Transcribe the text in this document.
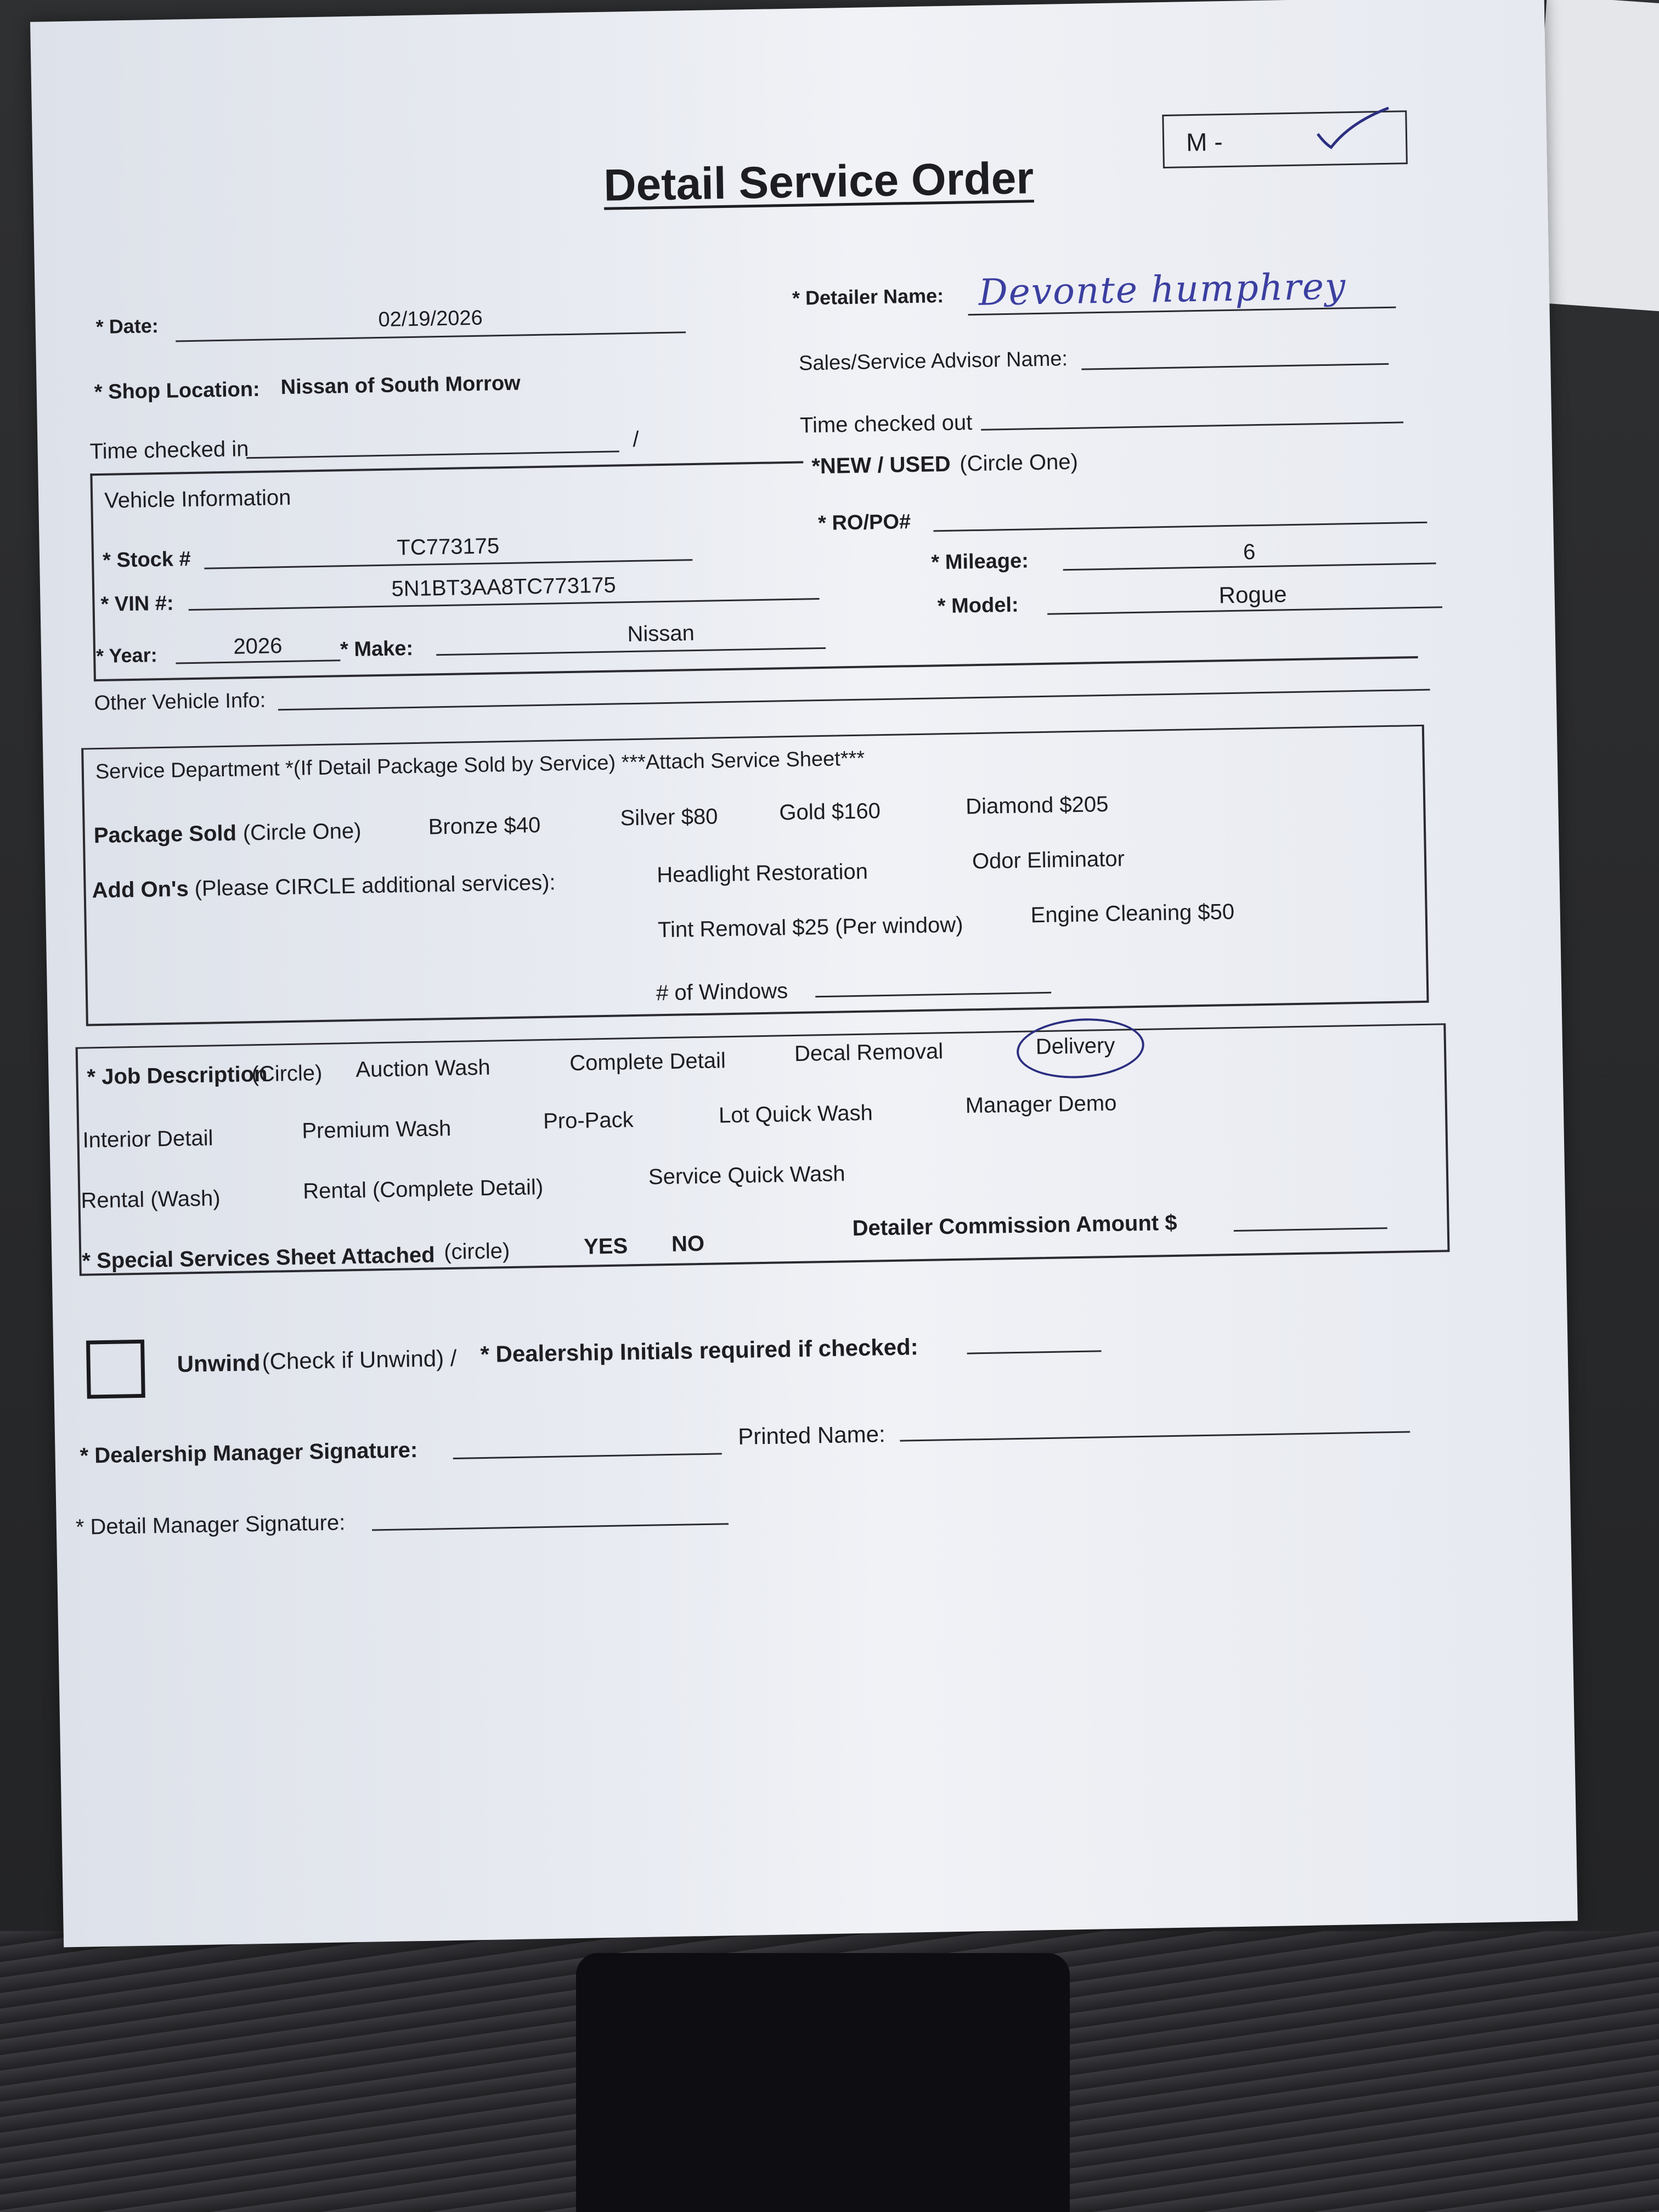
Detail Service Order
M -
* Date:	02/19/2026
* Detailer Name: Devonte humphrey
* Shop Location: Nissan of South Morrow
Sales/Service Advisor Name:
Time checked in	/
Time checked out
Vehicle Information
*NEW / USED (Circle One)
* Stock #	TC773175
* RO/PO#
* Mileage:	6
* VIN #:
5N1BT3AA8TC773175
* Model:	Rogue
* Year:	2026	* Make:
Nissan
Other Vehicle Info:
Service Department *(If Detail Package Sold by Service) ***Attach Service Sheet***
Package Sold (Circle One)	Bronze $40	Silver $80	Gold $160	Diamond $205
Add On's (Please CIRCLE additional services):	Headlight Restoration	Odor Eliminator
Tint Removal $25 (Per window)	Engine Cleaning $50
# of Windows
* Job Description
(Circle) Auction Wash	Complete Detail	Decal Removal	Delivery
Interior Detail	Premium Wash	Pro-Pack	Lot Quick Wash	Manager Demo
Rental (Wash)	Rental (Complete Detail)	Service Quick Wash
* Special Services Sheet Attached (circle)	YES NO
Detailer Commission Amount $
Unwind (Check if Unwind) / * Dealership Initials required if checked:
* Dealership Manager Signature:
Printed Name:
* Detail Manager Signature:
